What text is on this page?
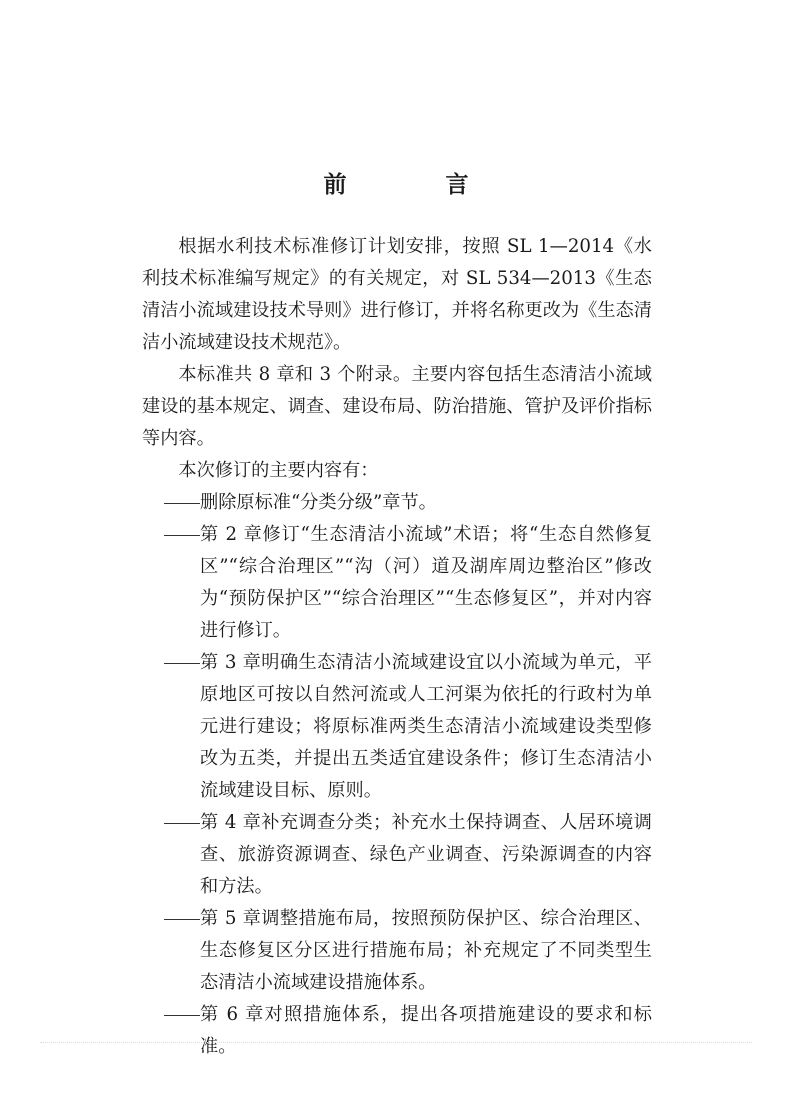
前　言

根据水利技术标准修订计划安排，按照 SL 1—2014《水利技术标准编写规定》的有关规定，对 SL 534—2013《生态清洁小流域建设技术导则》进行修订，并将名称更改为《生态清洁小流域建设技术规范》。

本标准共 8 章和 3 个附录。主要内容包括生态清洁小流域建设的基本规定、调查、建设布局、防治措施、管护及评价指标等内容。

本次修订的主要内容有：

删除原标准“分类分级”章节。
第 2 章修订“生态清洁小流域”术语；将“生态自然修复区”“综合治理区”“沟（河）道及湖库周边整治区”修改为“预防保护区”“综合治理区”“生态修复区”，并对内容进行修订。
第 3 章明确生态清洁小流域建设宜以小流域为单元，平原地区可按以自然河流或人工河渠为依托的行政村为单元进行建设；将原标准两类生态清洁小流域建设类型修改为五类，并提出五类适宜建设条件；修订生态清洁小流域建设目标、原则。
第 4 章补充调查分类；补充水土保持调查、人居环境调查、旅游资源调查、绿色产业调查、污染源调查的内容和方法。
第 5 章调整措施布局，按照预防保护区、综合治理区、生态修复区分区进行措施布局；补充规定了不同类型生态清洁小流域建设措施体系。
第 6 章对照措施体系，提出各项措施建设的要求和标准。
